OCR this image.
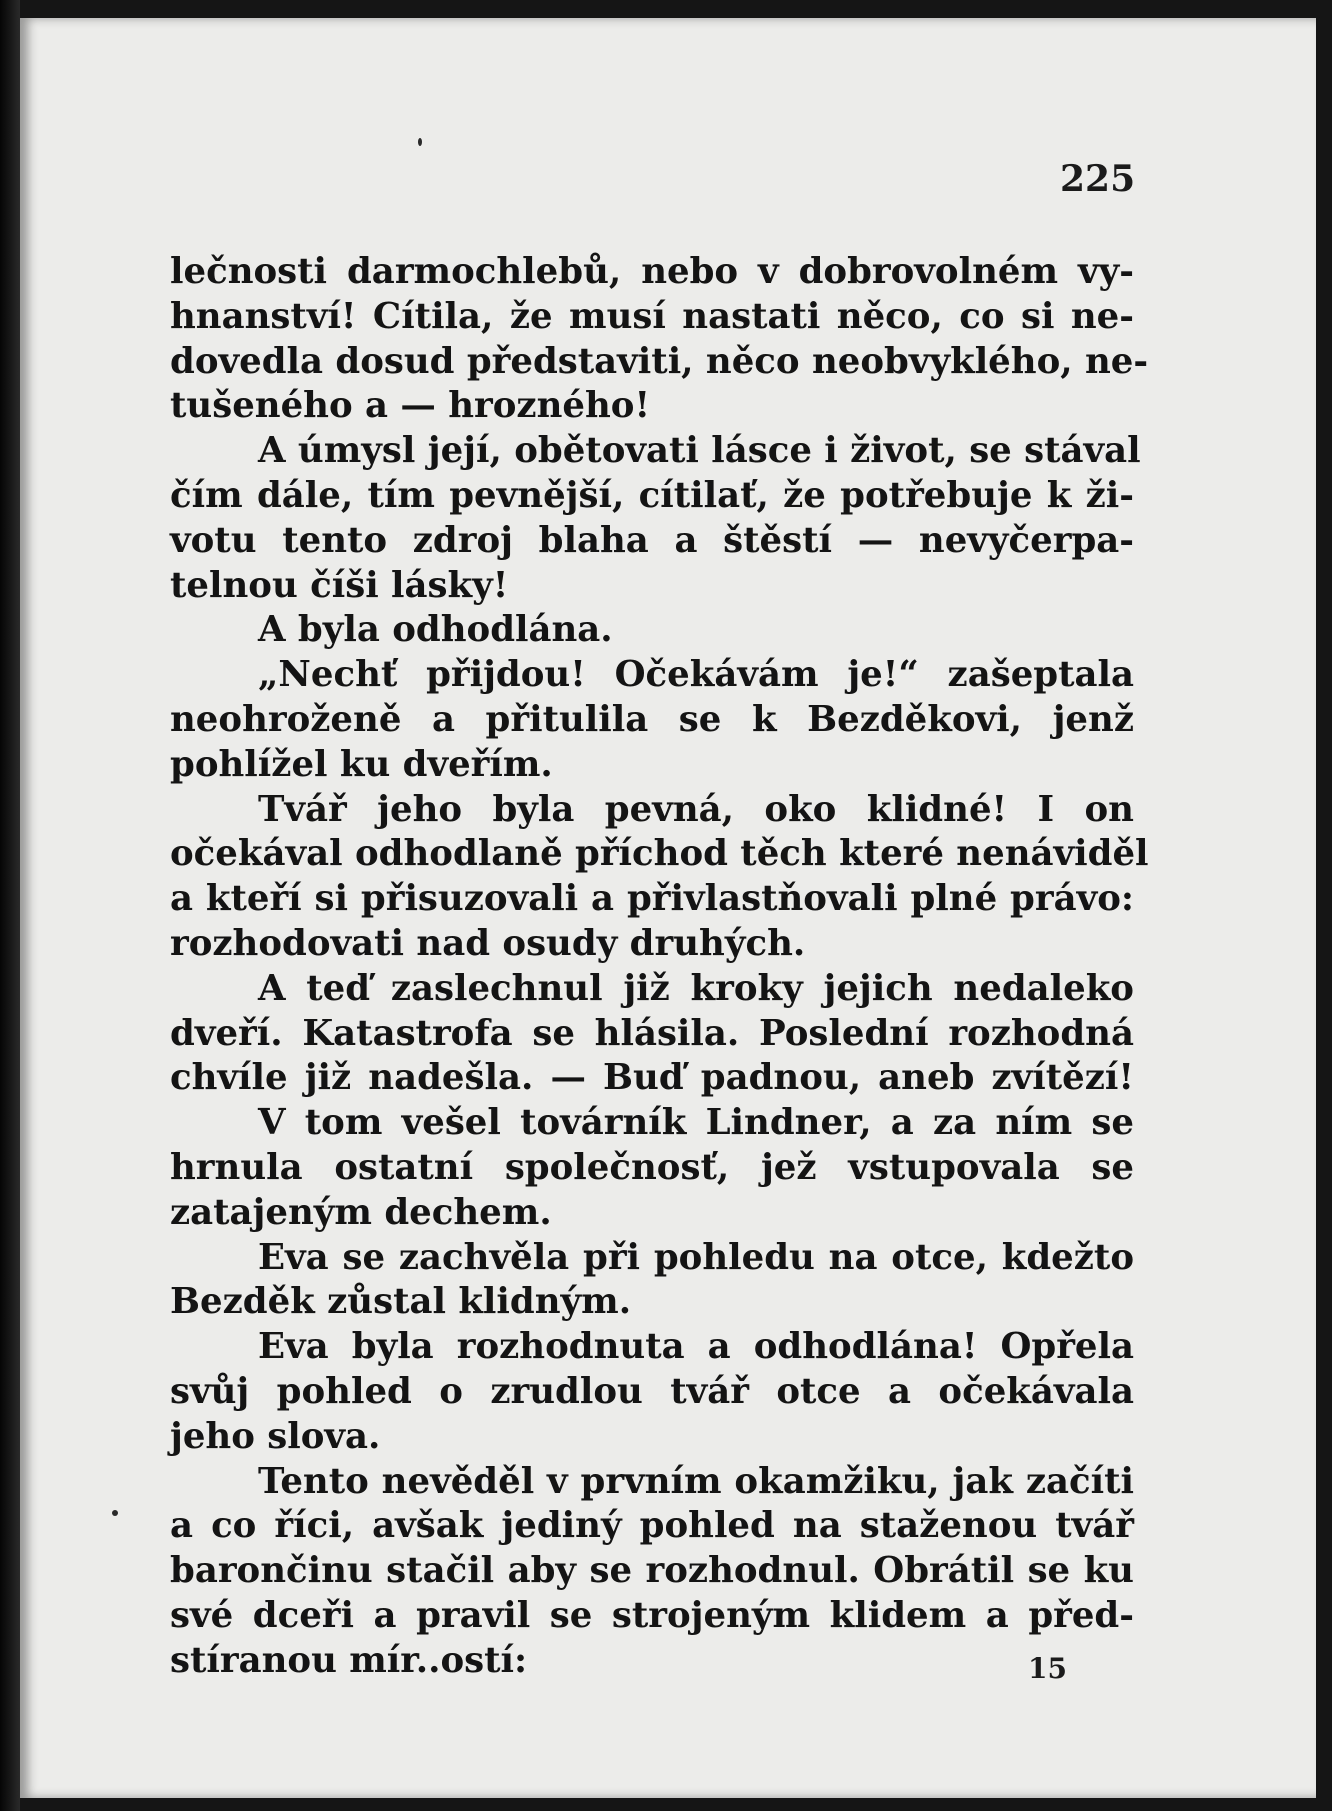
225
lečnosti darmochlebů, nebo v dobrovolném vy-
hnanství! Cítila, že musí nastati něco, co si ne-
dovedla dosud představiti, něco neobvyklého, ne-
tušeného a — hrozného!
A úmysl její, obětovati lásce i život, se stával
čím dále, tím pevnější, cítilať, že potřebuje k ži-
votu tento zdroj blaha a štěstí — nevyčerpa-
telnou číši lásky!
A byla odhodlána.
„Nechť přijdou! Očekávám je!“ zašeptala
neohroženě a přitulila se k Bezděkovi, jenž
pohlížel ku dveřím.
Tvář jeho byla pevná, oko klidné! I on
očekával odhodlaně příchod těch které nenáviděl
a kteří si přisuzovali a přivlastňovali plné právo:
rozhodovati nad osudy druhých.
A teď zaslechnul již kroky jejich nedaleko
dveří. Katastrofa se hlásila. Poslední rozhodná
chvíle již nadešla. — Buď padnou, aneb zvítězí!
V tom vešel továrník Lindner, a za ním se
hrnula ostatní společnosť, jež vstupovala se
zatajeným dechem.
Eva se zachvěla při pohledu na otce, kdežto
Bezděk zůstal klidným.
Eva byla rozhodnuta a odhodlána! Opřela
svůj pohled o zrudlou tvář otce a očekávala
jeho slova.
Tento nevěděl v prvním okamžiku, jak začíti
a co říci, avšak jediný pohled na staženou tvář
barončinu stačil aby se rozhodnul. Obrátil se ku
své dceři a pravil se strojeným klidem a před-
stíranou mír..ostí:	15
